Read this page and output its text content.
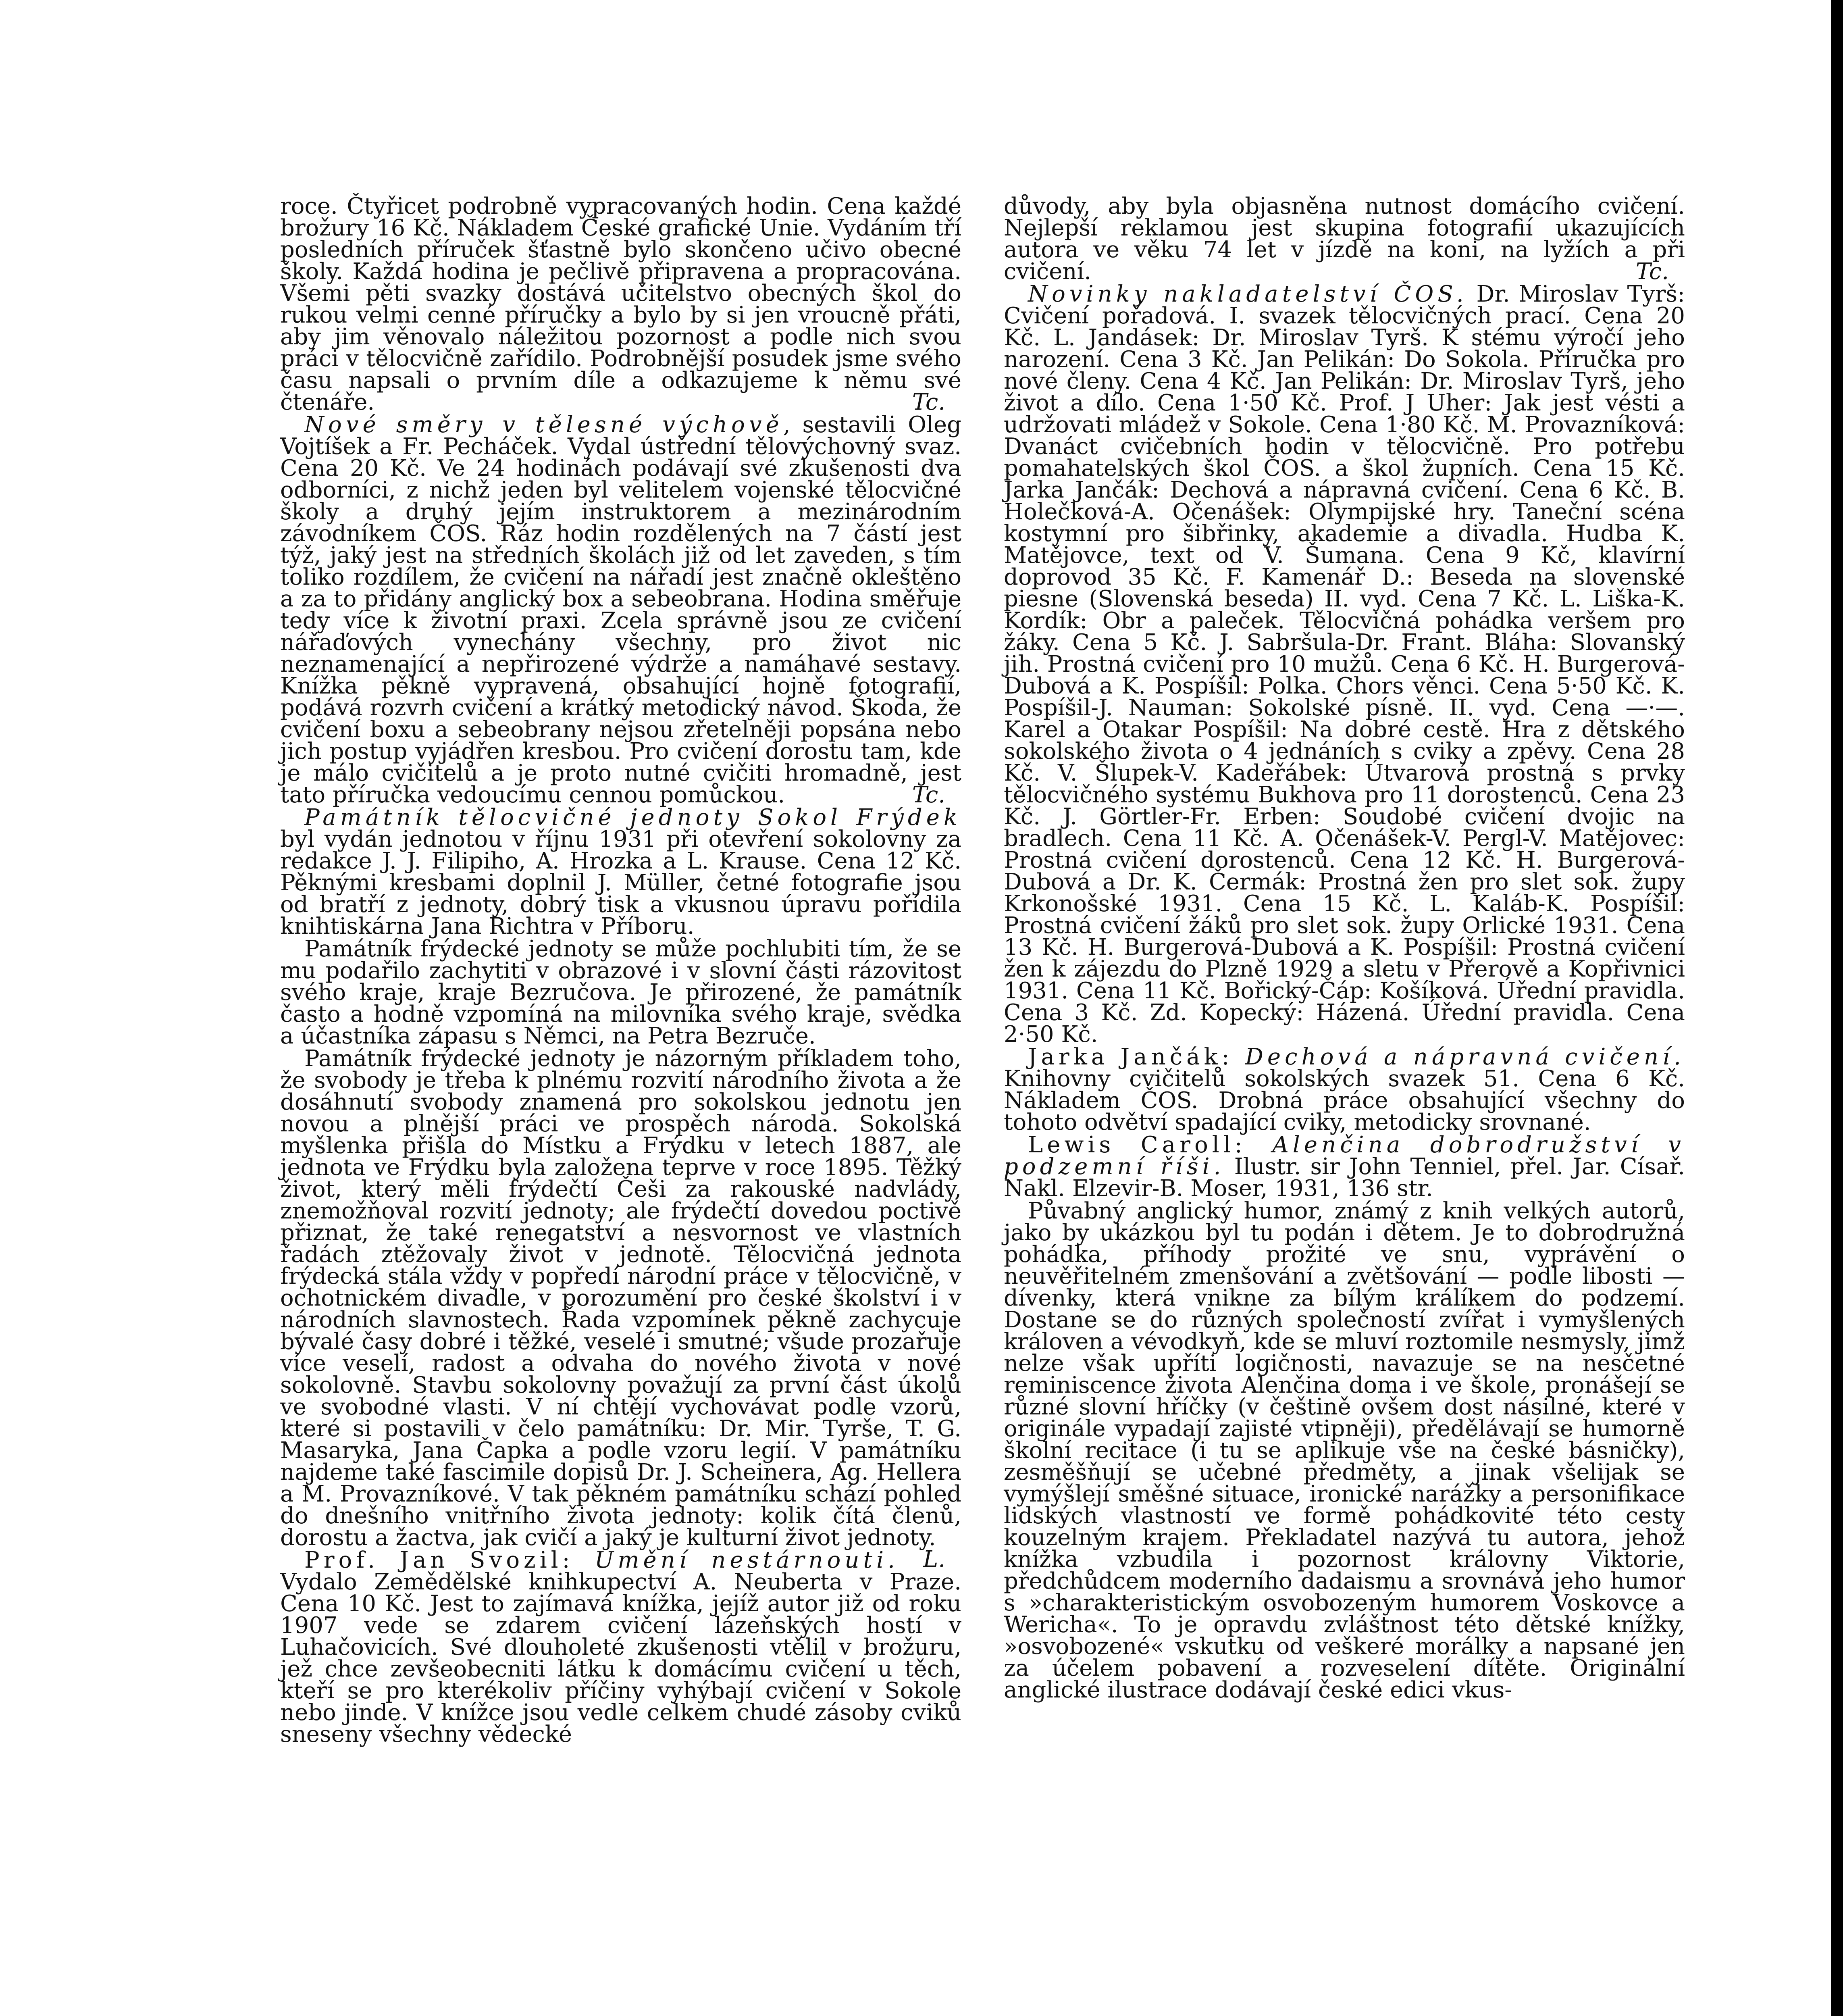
roce. Čtyřicet podrobně vypracovaných hodin. Cena každé brožury 16 Kč. Nákladem České grafické Unie. Vydáním tří posledních příruček šťastně bylo skončeno učivo obecné školy. Každá hodina je pečlivě připravena a propracována. Všemi pěti svazky dostává učitelstvo obecných škol do rukou velmi cenné příručky a bylo by si jen vroucně přáti, aby jim věnovalo náležitou pozornost a podle nich svou práci v tělocvičně zařídilo. Podrobnější posudek jsme svého času napsali o prvním díle a odkazujeme k němu své čtenáře.	Tc.

Nové směry v tělesné výchově, sestavili Oleg Vojtíšek a Fr. Pecháček. Vydal ústřední tělovýchovný svaz. Cena 20 Kč. Ve 24 hodinách podávají své zkušenosti dva odborníci, z nichž jeden byl velitelem vojenské tělocvičné školy a druhý jejím instruktorem a mezinárodním závodníkem ČOS. Ráz hodin rozdělených na 7 částí jest týž, jaký jest na středních školách již od let zaveden, s tím toliko rozdílem, že cvičení na nářadí jest značně okleštěno a za to přidány anglický box a sebeobrana. Hodina směřuje tedy více k životní praxi. Zcela správně jsou ze cvičení nářaďových vynechány všechny, pro život nic neznamenající a nepřirozené výdrže a namáhavé sestavy. Knížka pěkně vypravená, obsahující hojně fotografií, podává rozvrh cvičení a krátký metodický návod. Škoda, že cvičení boxu a sebeobrany nejsou zřetelněji popsána nebo jich postup vyjádřen kresbou. Pro cvičení dorostu tam, kde je málo cvičitelů a je proto nutné cvičiti hromadně, jest tato příručka vedoucímu cennou pomůckou.	Tc.

Památník tělocvičné jednoty Sokol Frýdek byl vydán jednotou v říjnu 1931 při otevření sokolovny za redakce J. J. Filipiho, A. Hrozka a L. Krause. Cena 12 Kč. Pěknými kresbami doplnil J. Müller, četné fotografie jsou od bratří z jednoty, dobrý tisk a vkusnou úpravu pořídila knihtiskárna Jana Richtra v Příboru.

Památník frýdecké jednoty se může pochlubiti tím, že se mu podařilo zachytiti v obrazové i v slovní části rázovitost svého kraje, kraje Bezručova. Je přirozené, že památník často a hodně vzpomíná na milovníka svého kraje, svědka a účastníka zápasu s Němci, na Petra Bezruče.

Památník frýdecké jednoty je názorným příkladem toho, že svobody je třeba k plnému rozvití národního života a že dosáhnutí svobody znamená pro sokolskou jednotu jen novou a plnější práci ve prospěch národa. Sokolská myšlenka přišla do Místku a Frýdku v letech 1887, ale jednota ve Frýdku byla založena teprve v roce 1895. Těžký život, který měli frýdečtí Češi za rakouské nadvlády, znemožňoval rozvití jednoty; ale frýdečtí dovedou poctivě přiznat, že také renegatství a nesvornost ve vlastních řadách ztěžovaly život v jednotě. Tělocvičná jednota frýdecká stála vždy v popředí národní práce v tělocvičně, v ochotnickém divadle, v porozumění pro české školství i v národních slavnostech. Řada vzpomínek pěkně zachycuje bývalé časy dobré i těžké, veselé i smutné; všude prozařuje více veselí, radost a odvaha do nového života v nové sokolovně. Stavbu sokolovny považují za první část úkolů ve svobodné vlasti. V ní chtějí vychovávat podle vzorů, které si postavili v čelo památníku: Dr. Mir. Tyrše, T. G. Masaryka, Jana Čapka a podle vzoru legií. V památníku najdeme také fascimile dopisů Dr. J. Scheinera, Ag. Hellera a M. Provazníkové. V tak pěkném památníku schází pohled do dnešního vnitřního života jednoty: kolik čítá členů, dorostu a žactva, jak cvičí a jaký je kulturní život jednoty.
L.

Prof. Jan Svozil: Umění nestárnouti. Vydalo Zemědělské knihkupectví A. Neuberta v Praze. Cena 10 Kč. Jest to zajímavá knížka, jejíž autor již od roku 1907 vede se zdarem cvičení lázeňských hostí v Luhačovicích. Své dlouholeté zkušenosti vtělil v brožuru, jež chce zevšeobecniti látku k domácímu cvičení u těch, kteří se pro kterékoliv příčiny vyhýbají cvičení v Sokole nebo jinde. V knížce jsou vedle celkem chudé zásoby cviků sneseny všechny vědecké

důvody, aby byla objasněna nutnost domácího cvičení. Nejlepší reklamou jest skupina fotografií ukazujících autora ve věku 74 let v jízdě na koni, na lyžích a při cvičení.	Tc.

Novinky nakladatelství ČOS. Dr. Miroslav Tyrš: Cvičení pořadová. I. svazek tělocvičných prací. Cena 20 Kč. L. Jandásek: Dr. Miroslav Tyrš. K stému výročí jeho narození. Cena 3 Kč. Jan Pelikán: Do Sokola. Příručka pro nové členy. Cena 4 Kč. Jan Pelikán: Dr. Miroslav Tyrš, jeho život a dílo. Cena 1·50 Kč. Prof. J Uher: Jak jest vésti a udržovati mládež v Sokole. Cena 1·80 Kč. M. Provazníková: Dvanáct cvičebních hodin v tělocvičně. Pro potřebu pomahatelských škol ČOS. a škol župních. Cena 15 Kč. Jarka Jančák: Dechová a nápravná cvičení. Cena 6 Kč. B. Holečková-A. Očenášek: Olympijské hry. Taneční scéna kostymní pro šibřinky, akademie a divadla. Hudba K. Matějovce, text od V. Šumana. Cena 9 Kč, klavírní doprovod 35 Kč. F. Kamenář D.: Beseda na slovenské piesne (Slovenská beseda) II. vyd. Cena 7 Kč. L. Liška-K. Kordík: Obr a paleček. Tělocvičná pohádka veršem pro žáky. Cena 5 Kč. J. Sabršula-Dr. Frant. Bláha: Slovanský jih. Prostná cvičení pro 10 mužů. Cena 6 Kč. H. Burgerová-Dubová a K. Pospíšil: Polka. Chors věnci. Cena 5·50 Kč. K. Pospíšil-J. Nauman: Sokolské písně. II. vyd. Cena —·—. Karel a Otakar Pospíšil: Na dobré cestě. Hra z dětského sokolského života o 4 jednáních s cviky a zpěvy. Cena 28 Kč. V. Šlupek-V. Kadeřábek: Útvarová prostná s prvky tělocvičného systému Bukhova pro 11 dorostenců. Cena 23 Kč. J. Görtler-Fr. Erben: Soudobé cvičení dvojic na bradlech. Cena 11 Kč. A. Očenášek-V. Pergl-V. Matějovec: Prostná cvičení dorostenců. Cena 12 Kč. H. Burgerová-Dubová a Dr. K. Čermák: Prostná žen pro slet sok. župy Krkonošské 1931. Cena 15 Kč. L. Kaláb-K. Pospíšil: Prostná cvičení žáků pro slet sok. župy Orlické 1931. Cena 13 Kč. H. Burgerová-Dubová a K. Pospíšil: Prostná cvičení žen k zájezdu do Plzně 1929 a sletu v Přerově a Kopřivnici 1931. Cena 11 Kč. Bořický-Čáp: Košíková. Úřední pravidla. Cena 3 Kč. Zd. Kopecký: Házená. Úřední pravidla. Cena 2·50 Kč.

Jarka Jančák: Dechová a nápravná cvičení. Knihovny cvičitelů sokolských svazek 51. Cena 6 Kč. Nákladem ČOS. Drobná práce obsahující všechny do tohoto odvětví spadající cviky, metodicky srovnané.

Lewis Caroll: Alenčina dobrodružství v podzemní říši. Ilustr. sir John Tenniel, přel. Jar. Císař. Nakl. Elzevir-B. Moser, 1931, 136 str.

Půvabný anglický humor, známý z knih velkých autorů, jako by ukázkou byl tu podán i dětem. Je to dobrodružná pohádka, příhody prožité ve snu, vyprávění o neuvěřitelném zmenšování a zvětšování — podle libosti — dívenky, která vnikne za bílým králíkem do podzemí. Dostane se do různých společností zvířat i vymyšlených královen a vévodkyň, kde se mluví roztomile nesmysly, jimž nelze však upříti logičnosti, navazuje se na nesčetné reminiscence života Alenčina doma i ve škole, pronášejí se různé slovní hříčky (v češtině ovšem dost násilné, které v originále vypadají zajisté vtipněji), předělávají se humorně školní recitace (i tu se aplikuje vše na české básničky), zesměšňují se učebné předměty, a jinak všelijak se vymýšlejí směšné situace, ironické narážky a personifikace lidských vlastností ve formě pohádkovité této cesty kouzelným krajem. Překladatel nazývá tu autora, jehož knížka vzbudila i pozornost královny Viktorie, předchůdcem moderního dadaismu a srovnává jeho humor s »charakteristickým osvobozeným humorem Voskovce a Wericha«. To je opravdu zvláštnost této dětské knížky, »osvobozené« vskutku od veškeré morálky a napsané jen za účelem pobavení a rozveselení dítěte. Originální anglické ilustrace dodávají české edici vkus-
